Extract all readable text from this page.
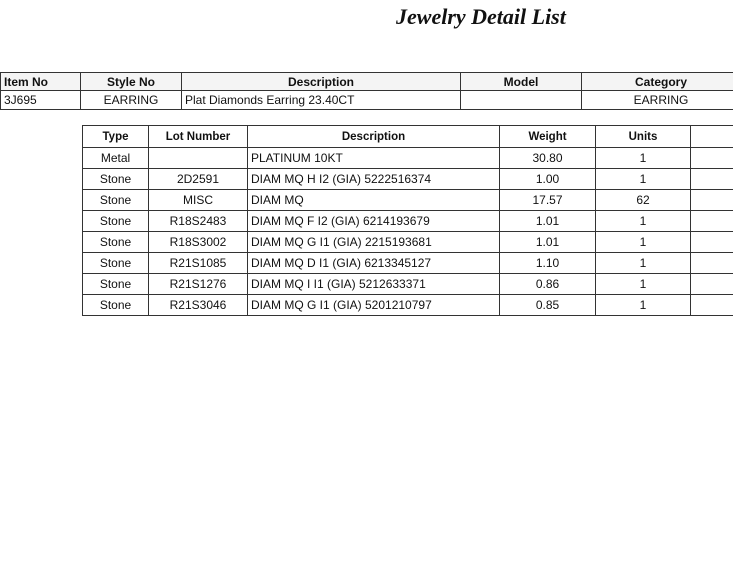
Jewelry Detail List
Item No	Style No	Description	Model	Category
3J695	EARRING	Plat Diamonds Earring 23.40CT		EARRING
Type	Lot Number	Description	Weight	Units	
Metal		PLATINUM 10KT	30.80	1	
Stone	2D2591	DIAM MQ H I2 (GIA) 5222516374	1.00	1	
Stone	MISC	DIAM MQ	17.57	62	
Stone	R18S2483	DIAM MQ F I2 (GIA) 6214193679	1.01	1	
Stone	R18S3002	DIAM MQ G I1 (GIA) 2215193681	1.01	1	
Stone	R21S1085	DIAM MQ D I1 (GIA) 6213345127	1.10	1	
Stone	R21S1276	DIAM MQ I I1 (GIA) 5212633371	0.86	1	
Stone	R21S3046	DIAM MQ G I1 (GIA) 5201210797	0.85	1	
